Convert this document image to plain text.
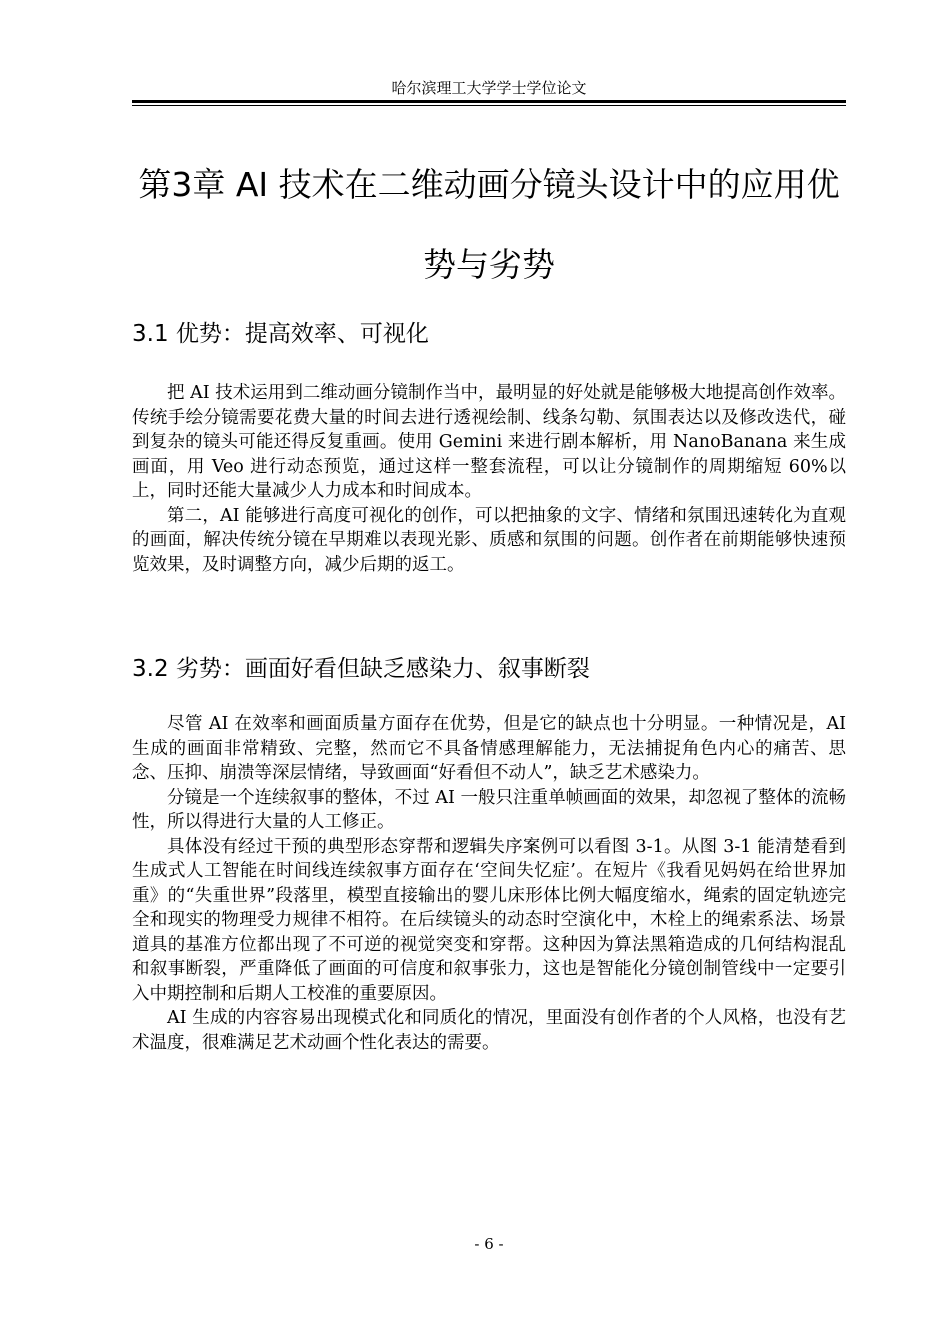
哈尔滨理工大学学士学位论文
第3章 AI 技术在二维动画分镜头设计中的应用优势与劣势
3.1 优势：提高效率、可视化

把 AI 技术运用到二维动画分镜制作当中，最明显的好处就是能够极大地提高创作效率。传统手绘分镜需要花费大量的时间去进行透视绘制、线条勾勒、氛围表达以及修改迭代，碰到复杂的镜头可能还得反复重画。使用 Gemini 来进行剧本解析，用 NanoBanana 来生成画面，用 Veo 进行动态预览，通过这样一整套流程，可以让分镜制作的周期缩短 60%以上，同时还能大量减少人力成本和时间成本。

第二，AI 能够进行高度可视化的创作，可以把抽象的文字、情绪和氛围迅速转化为直观的画面，解决传统分镜在早期难以表现光影、质感和氛围的问题。创作者在前期能够快速预览效果，及时调整方向，减少后期的返工。

3.2 劣势：画面好看但缺乏感染力、叙事断裂

尽管 AI 在效率和画面质量方面存在优势，但是它的缺点也十分明显。一种情况是，AI 生成的画面非常精致、完整，然而它不具备情感理解能力，无法捕捉角色内心的痛苦、思念、压抑、崩溃等深层情绪，导致画面“好看但不动人”，缺乏艺术感染力。

分镜是一个连续叙事的整体，不过 AI 一般只注重单帧画面的效果，却忽视了整体的流畅性，所以得进行大量的人工修正。

具体没有经过干预的典型形态穿帮和逻辑失序案例可以看图 3-1。从图 3-1 能清楚看到生成式人工智能在时间线连续叙事方面存在‘空间失忆症’。在短片《我看见妈妈在给世界加重》的“失重世界”段落里，模型直接输出的婴儿床形体比例大幅度缩水，绳索的固定轨迹完全和现实的物理受力规律不相符。在后续镜头的动态时空演化中，木栓上的绳索系法、场景道具的基准方位都出现了不可逆的视觉突变和穿帮。这种因为算法黑箱造成的几何结构混乱和叙事断裂，严重降低了画面的可信度和叙事张力，这也是智能化分镜创制管线中一定要引入中期控制和后期人工校准的重要原因。

AI 生成的内容容易出现模式化和同质化的情况，里面没有创作者的个人风格，也没有艺术温度，很难满足艺术动画个性化表达的需要。

- 6 -
